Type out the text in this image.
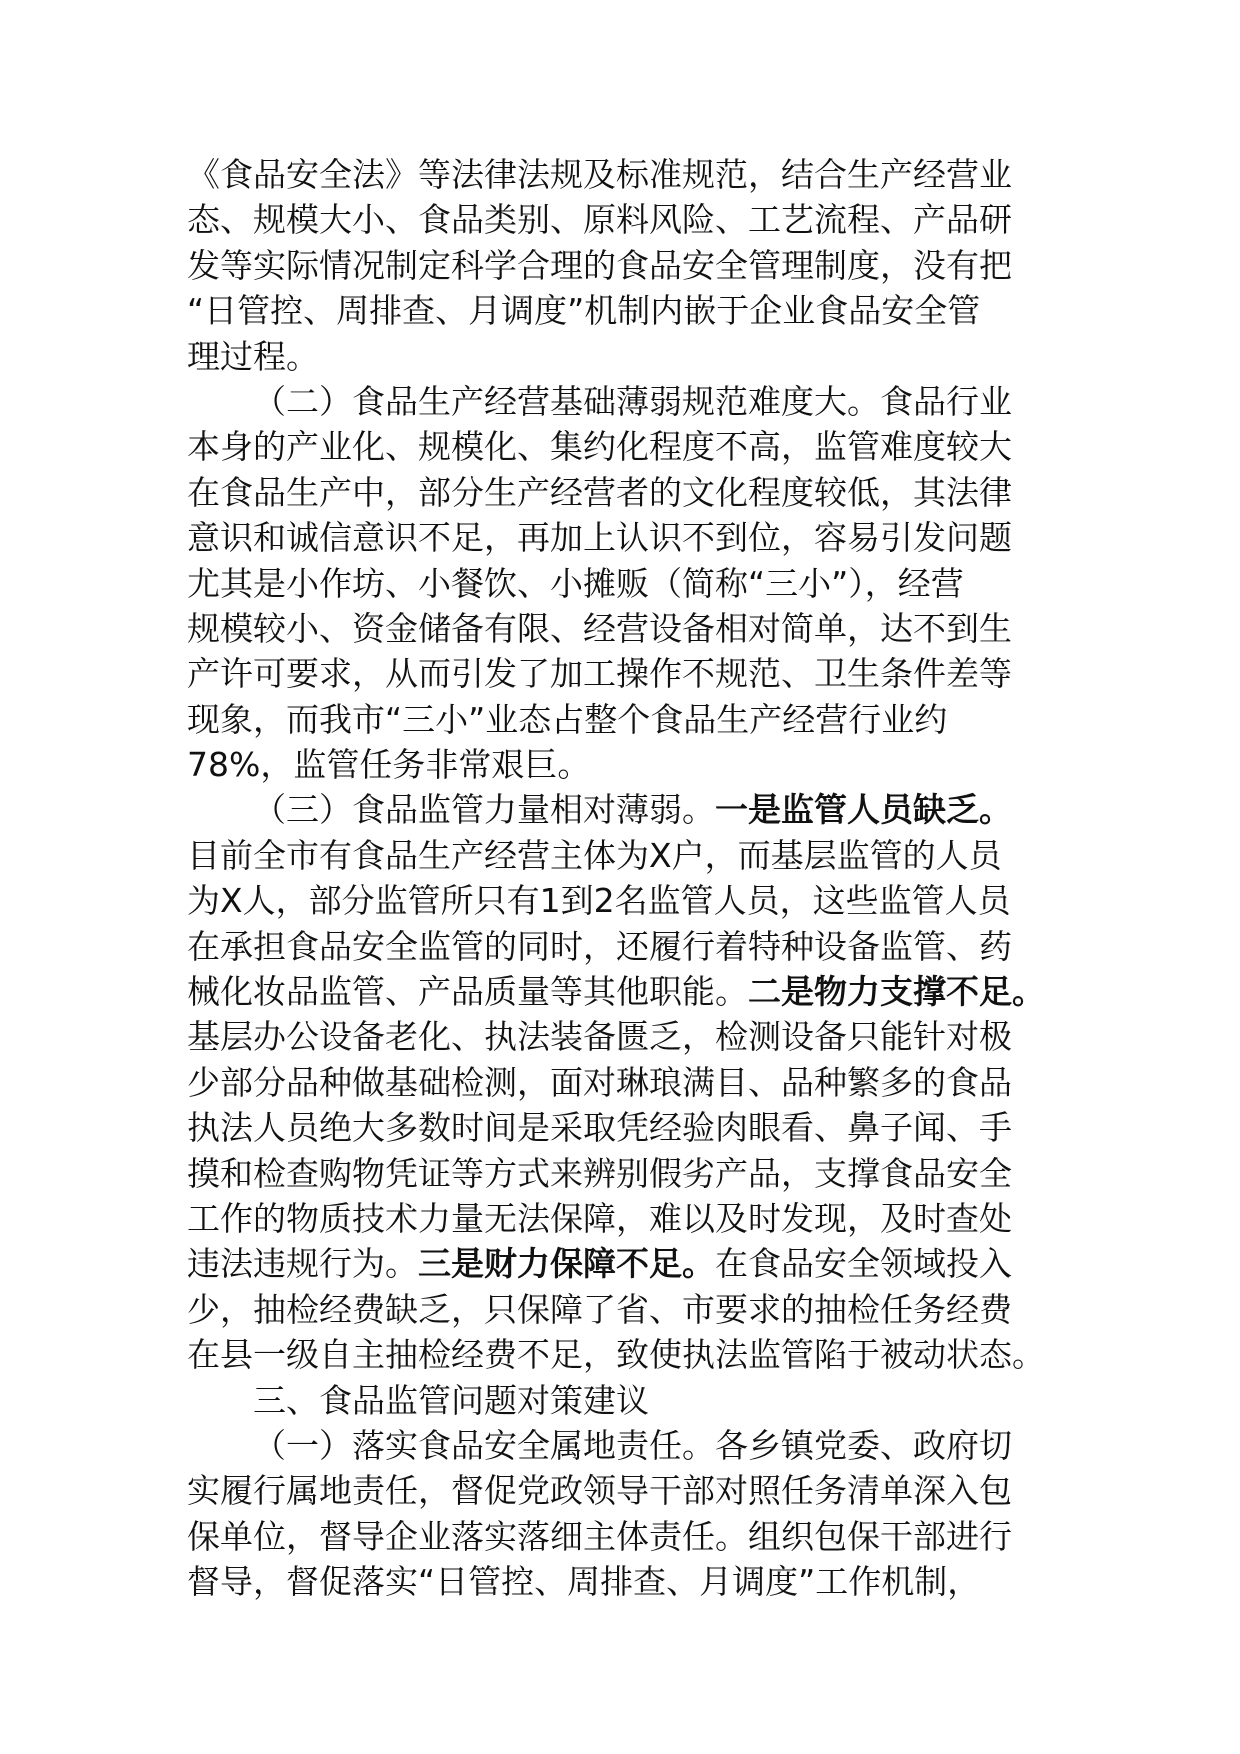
《食品安全法》等法律法规及标准规范，结合生产经营业
态、规模大小、食品类别、原料风险、工艺流程、产品研
发等实际情况制定科学合理的食品安全管理制度，没有把
“日管控、周排查、月调度”机制内嵌于企业食品安全管
理过程。
（二）食品生产经营基础薄弱规范难度大。食品行业
本身的产业化、规模化、集约化程度不高，监管难度较大
在食品生产中，部分生产经营者的文化程度较低，其法律
意识和诚信意识不足，再加上认识不到位，容易引发问题
尤其是小作坊、小餐饮、小摊贩（简称“三小”），经营
规模较小、资金储备有限、经营设备相对简单，达不到生
产许可要求，从而引发了加工操作不规范、卫生条件差等
现象，而我市“三小”业态占整个食品生产经营行业约
78%，监管任务非常艰巨。
（三）食品监管力量相对薄弱。一是监管人员缺乏。
目前全市有食品生产经营主体为X户，而基层监管的人员
为X人，部分监管所只有1到2名监管人员，这些监管人员
在承担食品安全监管的同时，还履行着特种设备监管、药
械化妆品监管、产品质量等其他职能。二是物力支撑不足。
基层办公设备老化、执法装备匮乏，检测设备只能针对极
少部分品种做基础检测，面对琳琅满目、品种繁多的食品
执法人员绝大多数时间是采取凭经验肉眼看、鼻子闻、手
摸和检查购物凭证等方式来辨别假劣产品，支撑食品安全
工作的物质技术力量无法保障，难以及时发现，及时查处
违法违规行为。三是财力保障不足。在食品安全领域投入
少，抽检经费缺乏，只保障了省、市要求的抽检任务经费
在县一级自主抽检经费不足，致使执法监管陷于被动状态。
三、食品监管问题对策建议
（一）落实食品安全属地责任。各乡镇党委、政府切
实履行属地责任，督促党政领导干部对照任务清单深入包
保单位，督导企业落实落细主体责任。组织包保干部进行
督导，督促落实“日管控、周排查、月调度”工作机制，
